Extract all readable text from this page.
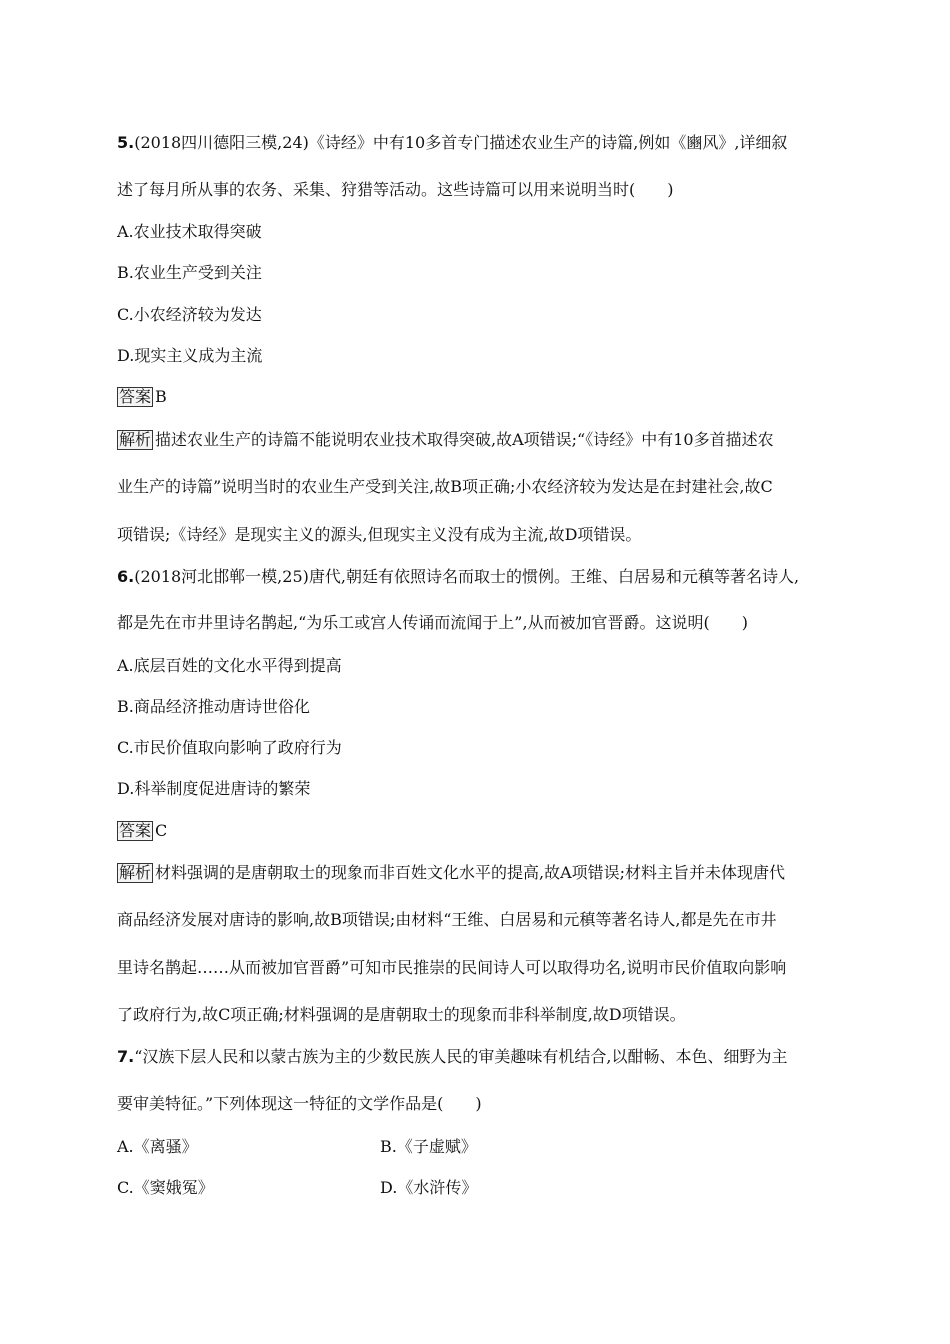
5.(2018四川德阳三模,24)《诗经》中有10多首专门描述农业生产的诗篇,例如《豳风》,详细叙
述了每月所从事的农务、采集、狩猎等活动。这些诗篇可以用来说明当时(　　)
A.农业技术取得突破
B.农业生产受到关注
C.小农经济较为发达
D.现实主义成为主流
答案 B
解析 描述农业生产的诗篇不能说明农业技术取得突破,故A项错误;“《诗经》中有10多首描述农
业生产的诗篇”说明当时的农业生产受到关注,故B项正确;小农经济较为发达是在封建社会,故C
项错误;《诗经》是现实主义的源头,但现实主义没有成为主流,故D项错误。
6.(2018河北邯郸一模,25)唐代,朝廷有依照诗名而取士的惯例。王维、白居易和元稹等著名诗人,
都是先在市井里诗名鹊起,“为乐工或宫人传诵而流闻于上”,从而被加官晋爵。这说明(　　)
A.底层百姓的文化水平得到提高
B.商品经济推动唐诗世俗化
C.市民价值取向影响了政府行为
D.科举制度促进唐诗的繁荣
答案 C
解析 材料强调的是唐朝取士的现象而非百姓文化水平的提高,故A项错误;材料主旨并未体现唐代
商品经济发展对唐诗的影响,故B项错误;由材料“王维、白居易和元稹等著名诗人,都是先在市井
里诗名鹊起……从而被加官晋爵”可知市民推崇的民间诗人可以取得功名,说明市民价值取向影响
了政府行为,故C项正确;材料强调的是唐朝取士的现象而非科举制度,故D项错误。
7.“汉族下层人民和以蒙古族为主的少数民族人民的审美趣味有机结合,以酣畅、本色、细野为主
要审美特征。”下列体现这一特征的文学作品是(　　)
A.《离骚》	B.《子虚赋》
C.《窦娥冤》	D.《水浒传》
